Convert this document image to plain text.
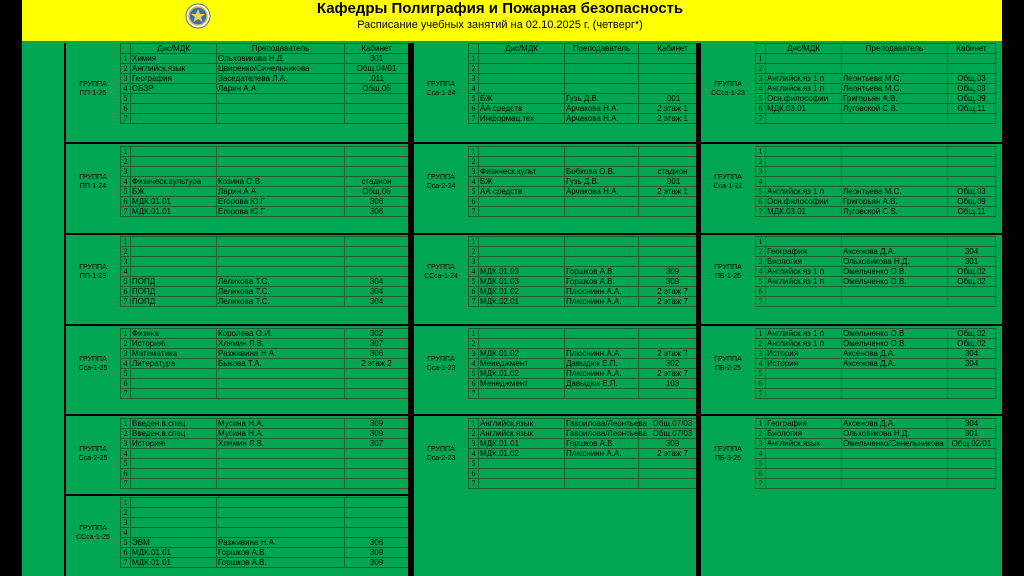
Кафедры Полиграфия и Пожарная безопасность
Расписание учебных занятий на 02.10.2025 г. (четверг*)
	Дис/МДК	Преподаватель	Кабинет
ГРУППА
ПП-1-25
1	Химия	Ольховикова Н.Д.	301
2	Английск.язык	Цвиренко/Синельникова	Общ.04/01
3	География	Заседателева Л.А.	.011
4	ОБЗР	Ларин А.А.	Общ.06
5			
6			
7			
ГРУППА
ПП-1-24
1			
2			
3			
4	Физическ.культура	Козина О.В.	стадион
5	БЖ	Ларин А.А.	Общ.06
6	МДК.01.01	Егорова Ю.Г	306
7	МДК.01.01	Егорова Ю.Г	306
ГРУППА
ПП-1-23
1			
2			
3			
4			
5	ПОПД	Леликова Т.С.	304
6	ПОПД	Леликова Т.С.	304
7	ПОПД	Леликова Т.С.	304
ГРУППА
Сса-1-25
1	Физика	Королева О.И.	302
2	История\	Хлямин Л.В.	307
3	Математика	Разживина Н.А.	306
4	Литература	Быкова Т.А.	2 этаж 2
5			
6			
7			
ГРУППА
Сса-2-25
1	Введен.в.спец	Мусина Н.А.	309
2	Введен.в.спец	Мусина Н.А.	309
3	История\	Хлямин Л.В.	307
4			
5			
6			
7			
ГРУППА
ССса-1-25
1			
2			
3			
4			
5	ЭВМ	Разживина Н.А.	306
6	МДК.01.01	Горшков А.В.	309
7	МДК.01.01	Горшков А.В.	309
	Дис/МДК	Преподаватель	Кабинет
ГРУППА
Сса-1-24
1			
2			
3			
4			
5	БЖ	Гузь Д.В.	.001
6	АА средств	Арчакова Н.А.	2 этаж 1
7	Информац.тех	Арчакова Н.А.	2 этаж 1
ГРУППА
Сса-2-24
1			
2			
3	Физическ.культ	Бобкова О.В.	стадион
4	БЖ	Гузь Д.В.	.001
5	АА средств	Арчакова Н.А.	2 этаж 1
6			
7			
ГРУППА
ССса-1-24
1			
2			
3			
4	МДК.01.03	Горшков А.В.	309
5	МДК.01.03	Горшков А.В.	309
6	МДК.01.02	Плюснинн А.А.	2 этаж 7
7	МДК.02.01	Плюснинн А.А.	2 этаж 7
ГРУППА
Сса-1-23
1			
2			
3	МДК.01.02	Плюснинн А.А.	2 этаж 7
4	Менеджмент	Давыдюк Е.П.	302
5	МДК.01.02	Плюснинн А.А.	2 этаж 7
6	Менеджмент	Давыдюк Е.П.	103
7			
ГРУППА
Сса-2-23
1	Английск.язык	Гаврилова/Леонтьева	Общ.07/03
2	Английск.язык	Гаврилова/Леонтьева	Общ.07/03
3	МДК.01.01	Горшков А.В.	309
4	МДК.01.02	Плюснинн А.А.	2 этаж 7
5			
6			
7			
	Дис/МДК	Преподаватель	Кабинет
ГРУППА
ССса-1-23
1			
2			
3	Английск.яз 1 п	Леонтьева М.С.	Общ.03
4	Английск.яз 1 п	Леонтьева М.С.	Общ.03
5	Осн.философии	Григорьян А.В.	Общ.09
6	МДК.03.01	Луговской С.В.	Общ.11
7			
ГРУППА
Сса-1-22
1			
2			
3			
4			
5	Английск.яз 1 п	Леонтьева М.С.	Общ.03
6	Осн.философии	Григорьян А.В.	Общ.09
7	МДК.03.01	Луговской С.В.	Общ.11
ГРУППА
ПБ-1-25
1			
2	География	Аксенова Д.А.	304
3	Биология	Ольховикова Н.Д.	301
4	Английск.яз 1 п	Омельченко О.В.	Общ.02
5	Английск.яз 1 п	Омельченко О.В.	Общ.02
6			
7			
ГРУППА
ПБ-2-25
1	Английск.яз 1 п	Омельченко О.В.	Общ.02
2	Английск.яз 1 п	Омельченко О.В.	Общ.02
3	История	Аксенова Д.А.	304
4	История	Аксенова Д.А.	304
5			
6			
7			
ГРУППА
ПБ-3-25
1	География	Аксенова Д.А.	304
2	Биология	Ольховикова Н.Д.	301
3	Английск.язык	Омельченко/Синельникова	Общ.02/01
4			
5			
6			
7			
